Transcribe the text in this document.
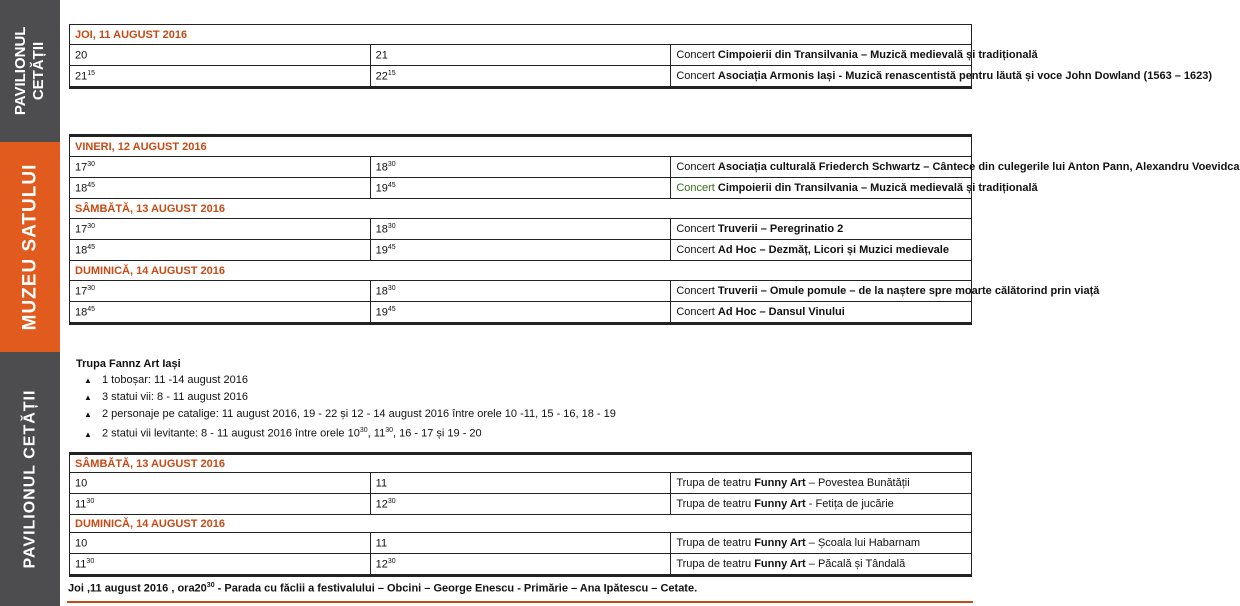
PAVILIONUL CETĂȚII
MUZEU SATULUI
PAVILIONUL CETĂȚII
JOI, 11 AUGUST 2016		
20	21	Concert Cimpoierii din Transilvania – Muzică medievală și tradițională
$21^{15}$	$22^{15}$	Concert Asociația Armonis Iași - Muzică renascentistă pentru lăută și voce John Dowland (1563 – 1623)
VINERI, 12 AUGUST 2016		
$17^{30}$	$18^{30}$	Concert Asociația culturală Friederch Schwartz – Cântece din culegerile lui Anton Pann, Alexandru Voevidca
$18^{45}$	$19^{45}$	Concert Cimpoierii din Transilvania – Muzică medievală și tradițională
SÂMBĂTĂ, 13 AUGUST 2016		
$17^{30}$	$18^{30}$	Concert Truverii – Peregrinatio 2
$18^{45}$	$19^{45}$	Concert Ad Hoc – Dezmăț, Licori și Muzici medievale
DUMINICĂ, 14 AUGUST 2016		
$17^{30}$	$18^{30}$	Concert Truverii – Omule pomule – de la naștere spre moarte călătorind prin viață
$18^{45}$	$19^{45}$	Concert Ad Hoc – Dansul Vinului
Trupa Fannz Art Iași
▲ 1 toboșar: 11 -14 august 2016
▲ 3 statui vii: 8 - 11 august 2016
▲ 2 personaje pe catalige: 11 august 2016, 19 - 22 și 12 - 14 august 2016 între orele 10 -11, 15 - 16, 18 - 19
▲ 2 statui vii levitante: 8 - 11 august 2016 între orele $10^{30}$, $11^{30}$, 16 - 17 și 19 - 20
SÂMBĂTĂ, 13 AUGUST 2016		
10	11	Trupa de teatru Funny Art – Povestea Bunătății
$11^{30}$	$12^{30}$	Trupa de teatru Funny Art - Fetița de jucărie
DUMINICĂ, 14 AUGUST 2016		
10	11	Trupa de teatru Funny Art – Școala lui Habarnam
$11^{30}$	$12^{30}$	Trupa de teatru Funny Art – Păcală și Tândală
Joi ,11 august 2016 , $ora20^{30}$ - Parada cu făclii a festivalului – Obcini – George Enescu - Primărie – Ana Ipătescu – Cetate.
